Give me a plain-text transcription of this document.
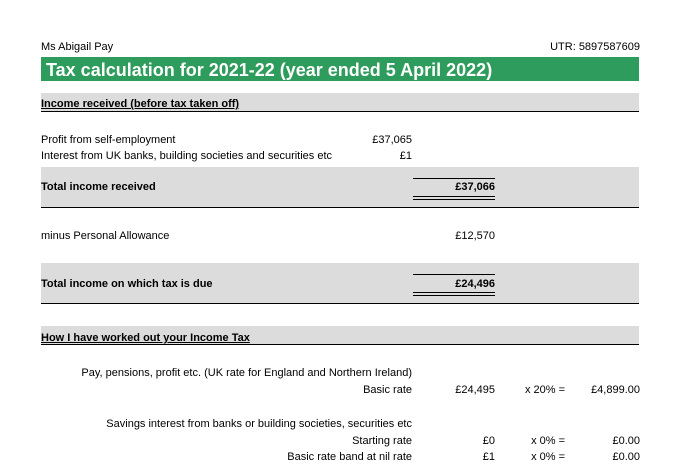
Ms Abigail Pay	UTR: 5897587609
Tax calculation for 2021-22 (year ended 5 April 2022)
Income received (before tax taken off)
Profit from self-employment	£37,065
Interest from UK banks, building societies and securities etc	£1
Total income received	£37,066
minus Personal Allowance	£12,570
Total income on which tax is due	£24,496
How I have worked out your Income Tax
Pay, pensions, profit etc. (UK rate for England and Northern Ireland)
Basic rate	£24,495	x 20% = £4,899.00
Savings interest from banks or building societies, securities etc
Starting rate	£0	x 0% =	£0.00
Basic rate band at nil rate	£1	x 0% =	£0.00
